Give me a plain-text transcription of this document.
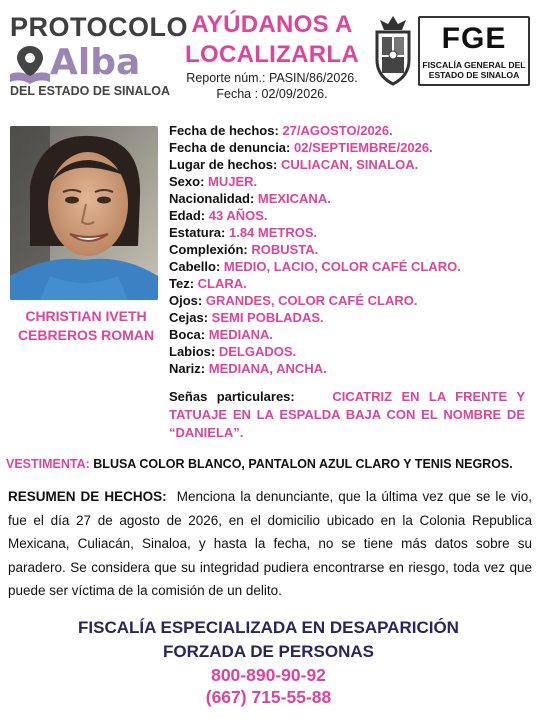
PROTOCOLO
Alba
DEL ESTADO DE SINALOA
AYÚDANOS A
LOCALIZARLA
Reporte núm.: PASIN/86/2026.
Fecha : 02/09/2026.
FGE
FISCALÍA GENERAL DEL
ESTADO DE SINALOA
CHRISTIAN IVETH
CEBREROS ROMAN
Fecha de hechos: 27/AGOSTO/2026.
Fecha de denuncia: 02/SEPTIEMBRE/2026.
Lugar de hechos: CULIACAN, SINALOA.
Sexo: MUJER.
Nacionalidad: MEXICANA.
Edad: 43 AÑOS.
Estatura: 1.84 METROS.
Complexión: ROBUSTA.
Cabello: MEDIO, LACIO, COLOR CAFÉ CLARO.
Tez: CLARA.
Ojos: GRANDES, COLOR CAFÉ CLARO.
Cejas: SEMI POBLADAS.
Boca: MEDIANA.
Labios: DELGADOS.
Nariz: MEDIANA, ANCHA.
Señas particulares:	CICATRIZ EN LA FRENTE Y TATUAJE EN LA ESPALDA BAJA CON EL NOMBRE DE “DANIELA”.
VESTIMENTA: BLUSA COLOR BLANCO, PANTALON AZUL CLARO Y TENIS NEGROS.
RESUMEN DE HECHOS: Menciona la denunciante, que la última vez que se le vio, fue el día 27 de agosto de 2026, en el domicilio ubicado en la Colonia Republica Mexicana, Culiacán, Sinaloa, y hasta la fecha, no se tiene más datos sobre su paradero. Se considera que su integridad pudiera encontrarse en riesgo, toda vez que puede ser víctima de la comisión de un delito.
FISCALÍA ESPECIALIZADA EN DESAPARICIÓN
FORZADA DE PERSONAS
800-890-90-92
(667) 715-55-88
